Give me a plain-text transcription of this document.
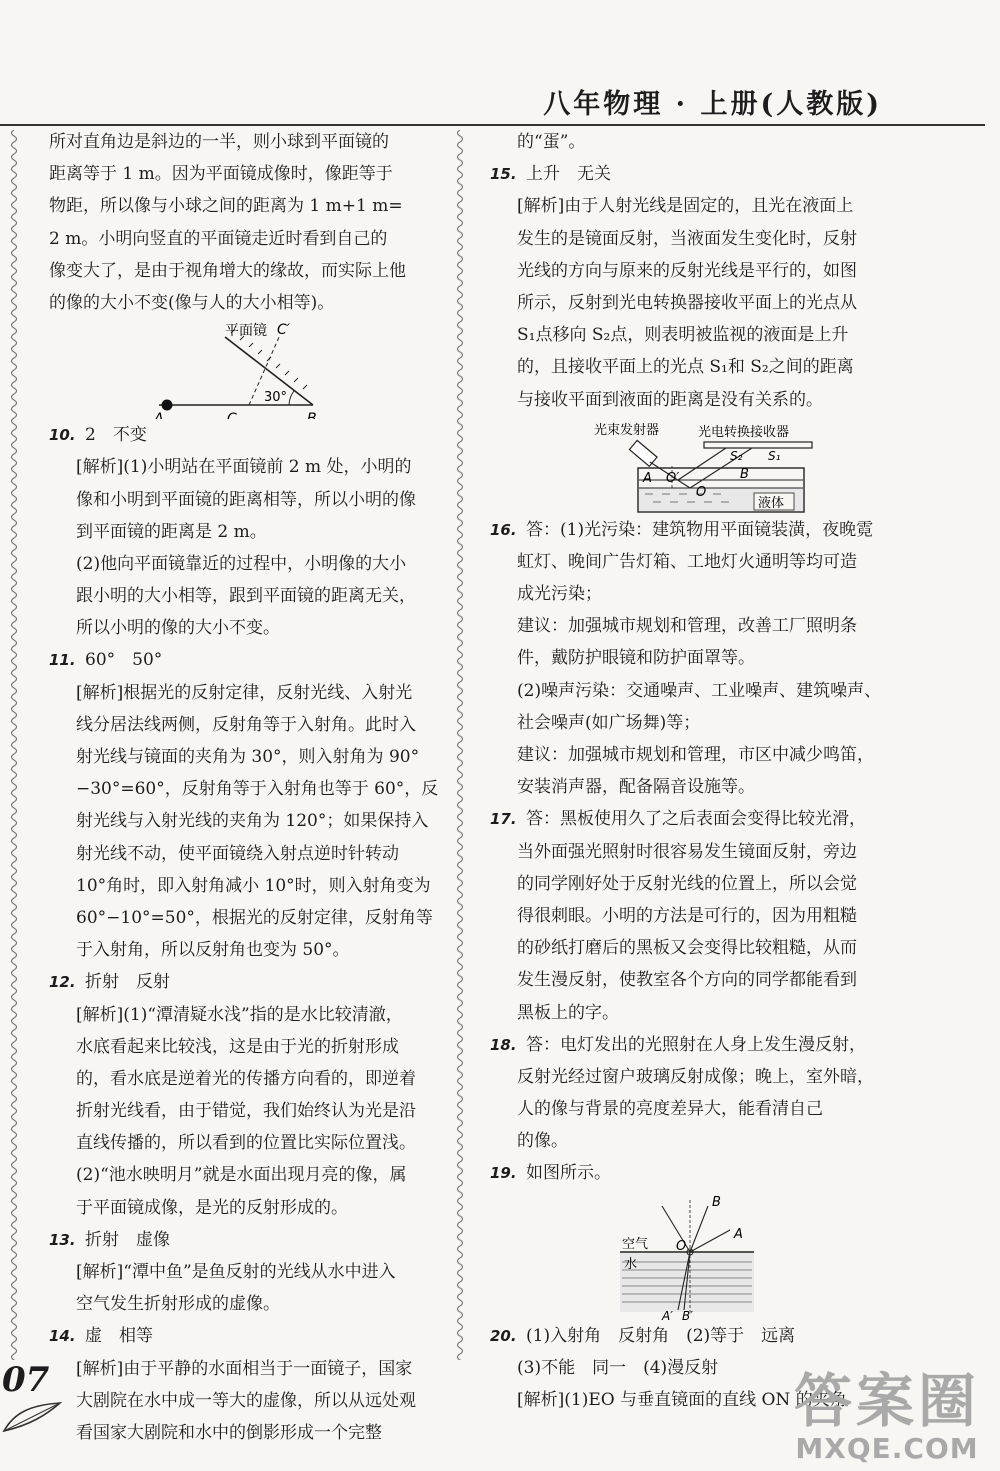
八年物理 · 上册(人教版)
所对直角边是斜边的一半，则小球到平面镜的
距离等于 1 m。因为平面镜成像时，像距等于
物距，所以像与小球之间的距离为 1 m+1 m=
2 m。小明向竖直的平面镜走近时看到自己的
像变大了，是由于视角增大的缘故，而实际上他
的像的大小不变(像与人的大小相等)。
平面镜 C′
30°
A	C	B
10. 2　不变
[解析](1)小明站在平面镜前 2 m 处，小明的
像和小明到平面镜的距离相等，所以小明的像
到平面镜的距离是 2 m。
(2)他向平面镜靠近的过程中，小明像的大小
跟小明的大小相等，跟到平面镜的距离无关，
所以小明的像的大小不变。
11. 60°　50°
[解析]根据光的反射定律，反射光线、入射光
线分居法线两侧，反射角等于入射角。此时入
射光线与镜面的夹角为 30°，则入射角为 90°
−30°=60°，反射角等于入射角也等于 60°，反
射光线与入射光线的夹角为 120°；如果保持入
射光线不动，使平面镜绕入射点逆时针转动
10°角时，即入射角减小 10°时，则入射角变为
60°−10°=50°，根据光的反射定律，反射角等
于入射角，所以反射角也变为 50°。
12. 折射　反射
[解析](1)“潭清疑水浅”指的是水比较清澈，
水底看起来比较浅，这是由于光的折射形成
的，看水底是逆着光的传播方向看的，即逆着
折射光线看，由于错觉，我们始终认为光是沿
直线传播的，所以看到的位置比实际位置浅。
(2)“池水映明月”就是水面出现月亮的像，属
于平面镜成像，是光的反射形成的。
13. 折射　虚像
[解析]“潭中鱼”是鱼反射的光线从水中进入
空气发生折射形成的虚像。
14. 虚　相等
[解析]由于平静的水面相当于一面镜子，国家
大剧院在水中成一等大的虚像，所以从远处观
看国家大剧院和水中的倒影形成一个完整
的“蛋”。
15. 上升　无关
[解析]由于人射光线是固定的，且光在液面上
发生的是镜面反射，当液面发生变化时，反射
光线的方向与原来的反射光线是平行的，如图
所示，反射到光电转换器接收平面上的光点从
S₁点移向 S₂点，则表明被监视的液面是上升
的，且接收平面上的光点 S₁和 S₂之间的距离
与接收平面到液面的距离是没有关系的。
光束发射器	光电转换接收器
S₂ S₁
A O′	B
O
液体
16. 答：(1)光污染：建筑物用平面镜装潢，夜晚霓
虹灯、晚间广告灯箱、工地灯火通明等均可造
成光污染；
建议：加强城市规划和管理，改善工厂照明条
件，戴防护眼镜和防护面罩等。
(2)噪声污染：交通噪声、工业噪声、建筑噪声、
社会噪声(如广场舞)等；
建议：加强城市规划和管理，市区中减少鸣笛，
安装消声器，配备隔音设施等。
17. 答：黑板使用久了之后表面会变得比较光滑，
当外面强光照射时很容易发生镜面反射，旁边
的同学刚好处于反射光线的位置上，所以会觉
得很刺眼。小明的方法是可行的，因为用粗糙
的砂纸打磨后的黑板又会变得比较粗糙，从而
发生漫反射，使教室各个方向的同学都能看到
黑板上的字。
18. 答：电灯发出的光照射在人身上发生漫反射，
反射光经过窗户玻璃反射成像；晚上，室外暗，
人的像与背景的亮度差异大，能看清自己
的像。
19. 如图所示。
B
A
空气 O
水
A′ B′
20. (1)入射角　反射角　(2)等于　远离
(3)不能　同一　(4)漫反射
[解析](1)EO 与垂直镜面的直线 ON 的夹角
07	答案圈
MXQE.COM
